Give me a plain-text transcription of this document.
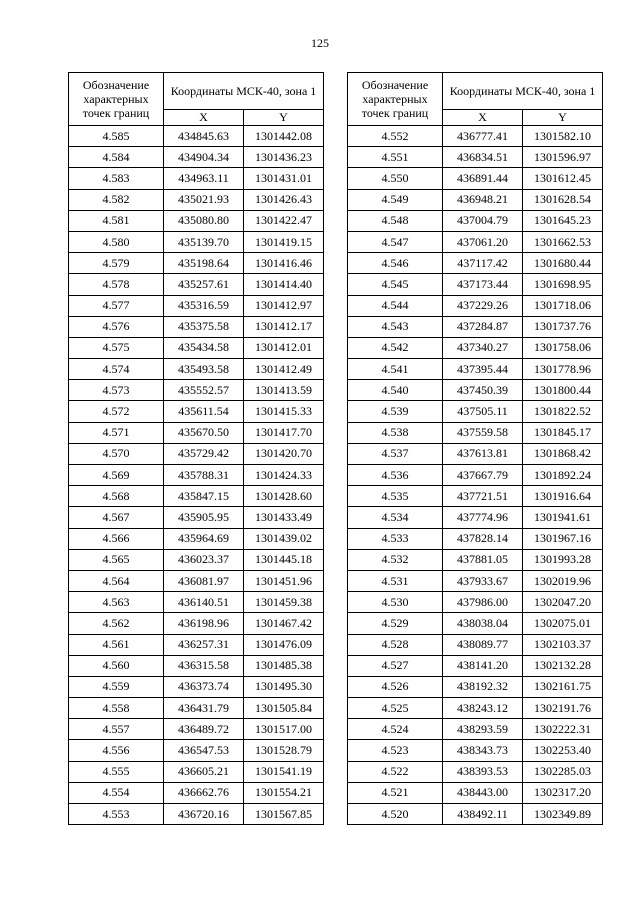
125
Обозначение характерных точек границ	Координаты МСК-40, зона 1	
	X	Y
4.585	434845.63	1301442.08
4.584	434904.34	1301436.23
4.583	434963.11	1301431.01
4.582	435021.93	1301426.43
4.581	435080.80	1301422.47
4.580	435139.70	1301419.15
4.579	435198.64	1301416.46
4.578	435257.61	1301414.40
4.577	435316.59	1301412.97
4.576	435375.58	1301412.17
4.575	435434.58	1301412.01
4.574	435493.58	1301412.49
4.573	435552.57	1301413.59
4.572	435611.54	1301415.33
4.571	435670.50	1301417.70
4.570	435729.42	1301420.70
4.569	435788.31	1301424.33
4.568	435847.15	1301428.60
4.567	435905.95	1301433.49
4.566	435964.69	1301439.02
4.565	436023.37	1301445.18
4.564	436081.97	1301451.96
4.563	436140.51	1301459.38
4.562	436198.96	1301467.42
4.561	436257.31	1301476.09
4.560	436315.58	1301485.38
4.559	436373.74	1301495.30
4.558	436431.79	1301505.84
4.557	436489.72	1301517.00
4.556	436547.53	1301528.79
4.555	436605.21	1301541.19
4.554	436662.76	1301554.21
4.553	436720.16	1301567.85
Обозначение характерных точек границ	Координаты МСК-40, зона 1	
	X	Y
4.552	436777.41	1301582.10
4.551	436834.51	1301596.97
4.550	436891.44	1301612.45
4.549	436948.21	1301628.54
4.548	437004.79	1301645.23
4.547	437061.20	1301662.53
4.546	437117.42	1301680.44
4.545	437173.44	1301698.95
4.544	437229.26	1301718.06
4.543	437284.87	1301737.76
4.542	437340.27	1301758.06
4.541	437395.44	1301778.96
4.540	437450.39	1301800.44
4.539	437505.11	1301822.52
4.538	437559.58	1301845.17
4.537	437613.81	1301868.42
4.536	437667.79	1301892.24
4.535	437721.51	1301916.64
4.534	437774.96	1301941.61
4.533	437828.14	1301967.16
4.532	437881.05	1301993.28
4.531	437933.67	1302019.96
4.530	437986.00	1302047.20
4.529	438038.04	1302075.01
4.528	438089.77	1302103.37
4.527	438141.20	1302132.28
4.526	438192.32	1302161.75
4.525	438243.12	1302191.76
4.524	438293.59	1302222.31
4.523	438343.73	1302253.40
4.522	438393.53	1302285.03
4.521	438443.00	1302317.20
4.520	438492.11	1302349.89
